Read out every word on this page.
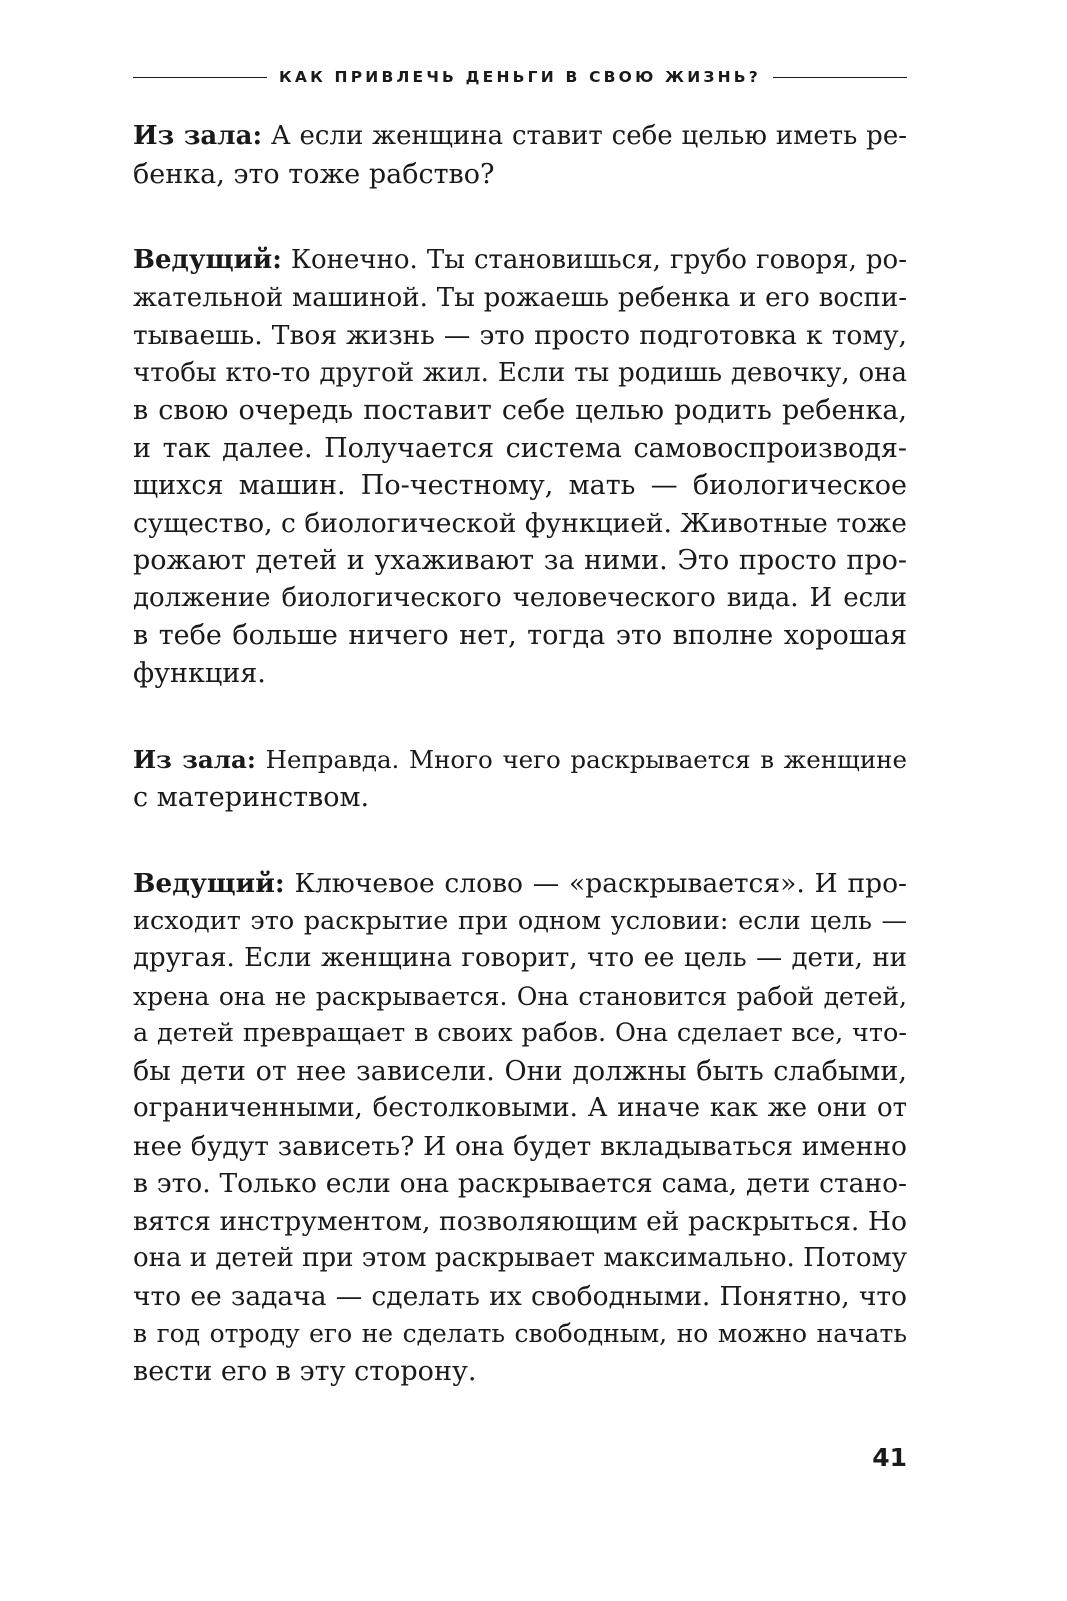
КАК ПРИВЛЕЧЬ ДЕНЬГИ В СВОЮ ЖИЗНЬ?

Из зала: А если женщина ставит себе целью иметь ре-
бенка, это тоже рабство?

Ведущий: Конечно. Ты становишься, грубо говоря, ро-
жательной машиной. Ты рожаешь ребенка и его воспи-
тываешь. Твоя жизнь — это просто подготовка к тому,
чтобы кто-то другой жил. Если ты родишь девочку, она
в свою очередь поставит себе целью родить ребенка,
и так далее. Получается система самовоспроизводя-
щихся машин. По-честному, мать — биологическое
существо, с биологической функцией. Животные тоже
рожают детей и ухаживают за ними. Это просто про-
должение биологического человеческого вида. И если
в тебе больше ничего нет, тогда это вполне хорошая
функция.

Из зала: Неправда. Много чего раскрывается в женщине
с материнством.

Ведущий: Ключевое слово — «раскрывается». И про-
исходит это раскрытие при одном условии: если цель —
другая. Если женщина говорит, что ее цель — дети, ни
хрена она не раскрывается. Она становится рабой детей,
а детей превращает в своих рабов. Она сделает все, что-
бы дети от нее зависели. Они должны быть слабыми,
ограниченными, бестолковыми. А иначе как же они от
нее будут зависеть? И она будет вкладываться именно
в это. Только если она раскрывается сама, дети стано-
вятся инструментом, позволяющим ей раскрыться. Но
она и детей при этом раскрывает максимально. Потому
что ее задача — сделать их свободными. Понятно, что
в год отроду его не сделать свободным, но можно начать
вести его в эту сторону.

41
